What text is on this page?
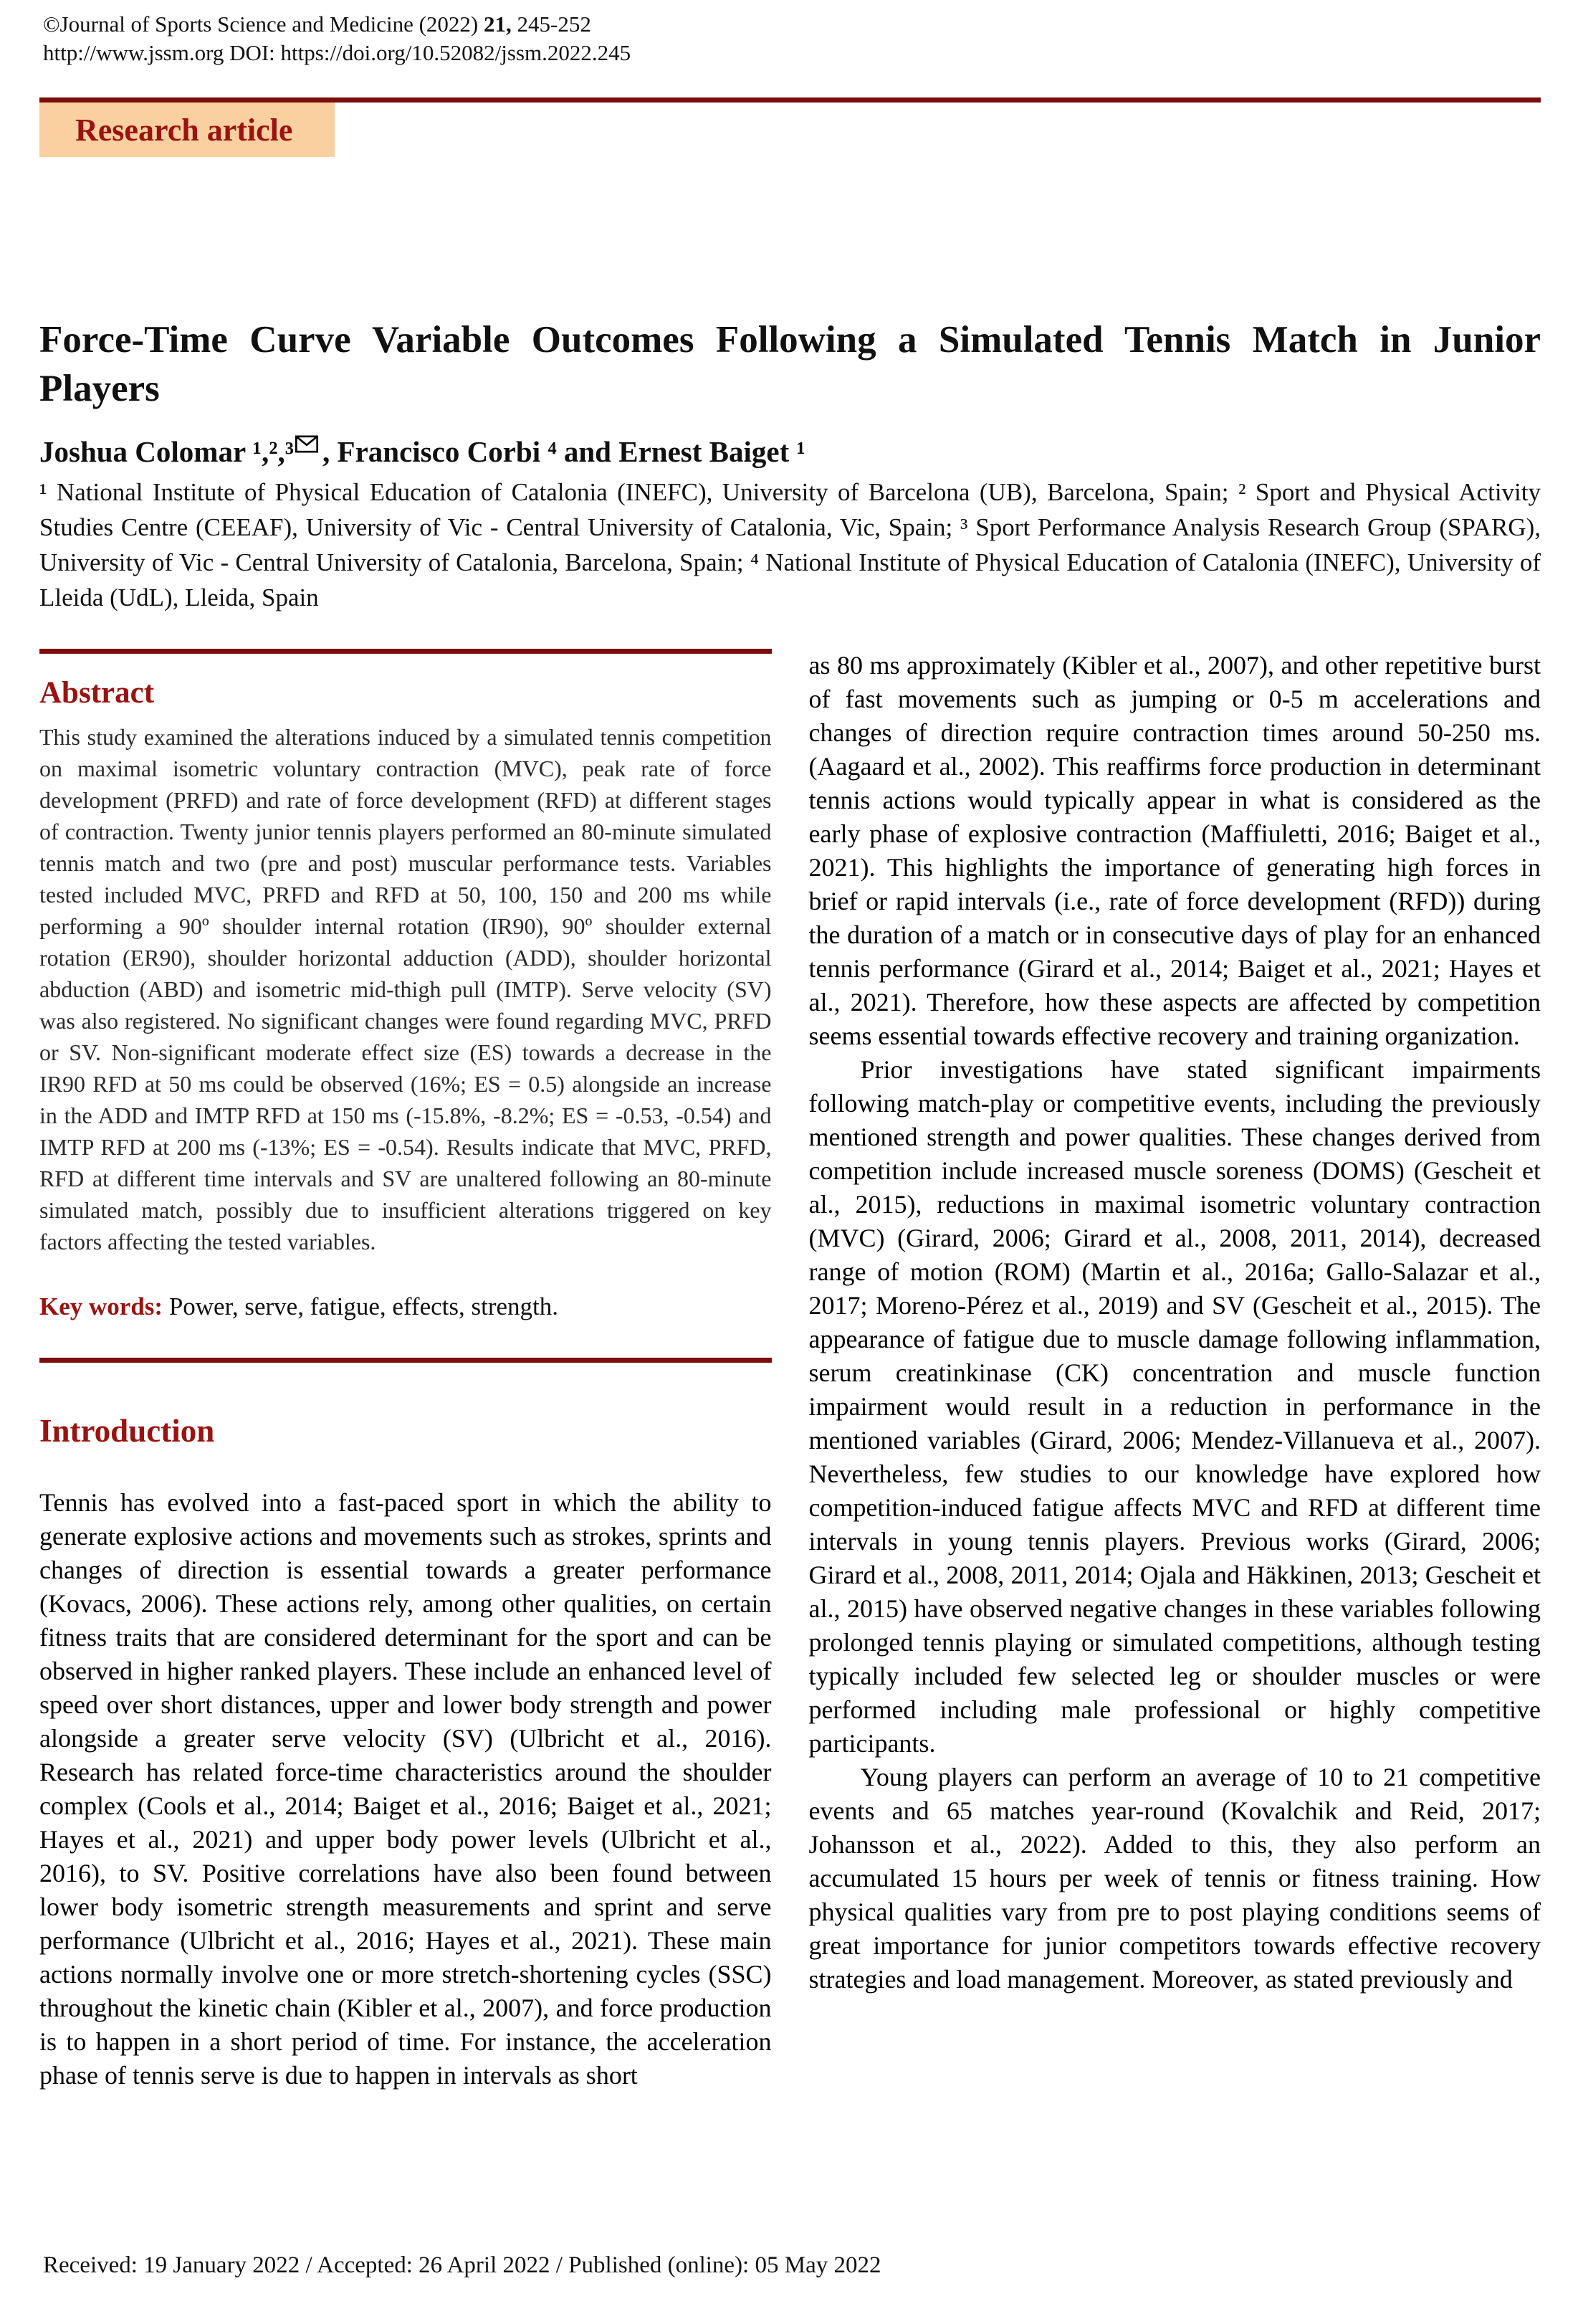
©Journal of Sports Science and Medicine (2022) 21, 245-252
http://www.jssm.org DOI: https://doi.org/10.52082/jssm.2022.245
Research article
Force-Time Curve Variable Outcomes Following a Simulated Tennis Match in Junior Players
Joshua Colomar ¹,²,³ , Francisco Corbi ⁴ and Ernest Baiget ¹
¹ National Institute of Physical Education of Catalonia (INEFC), University of Barcelona (UB), Barcelona, Spain; ² Sport and Physical Activity Studies Centre (CEEAF), University of Vic - Central University of Catalonia, Vic, Spain; ³ Sport Performance Analysis Research Group (SPARG), University of Vic - Central University of Catalonia, Barcelona, Spain; ⁴ National Institute of Physical Education of Catalonia (INEFC), University of Lleida (UdL), Lleida, Spain
Abstract
This study examined the alterations induced by a simulated tennis competition on maximal isometric voluntary contraction (MVC), peak rate of force development (PRFD) and rate of force development (RFD) at different stages of contraction. Twenty junior tennis players performed an 80-minute simulated tennis match and two (pre and post) muscular performance tests. Variables tested included MVC, PRFD and RFD at 50, 100, 150 and 200 ms while performing a 90º shoulder internal rotation (IR90), 90º shoulder external rotation (ER90), shoulder horizontal adduction (ADD), shoulder horizontal abduction (ABD) and isometric mid-thigh pull (IMTP). Serve velocity (SV) was also registered. No significant changes were found regarding MVC, PRFD or SV. Non-significant moderate effect size (ES) towards a decrease in the IR90 RFD at 50 ms could be observed (16%; ES = 0.5) alongside an increase in the ADD and IMTP RFD at 150 ms (-15.8%, -8.2%; ES = -0.53, -0.54) and IMTP RFD at 200 ms (-13%; ES = -0.54). Results indicate that MVC, PRFD, RFD at different time intervals and SV are unaltered following an 80-minute simulated match, possibly due to insufficient alterations triggered on key factors affecting the tested variables.
Key words: Power, serve, fatigue, effects, strength.
Introduction

Tennis has evolved into a fast-paced sport in which the ability to generate explosive actions and movements such as strokes, sprints and changes of direction is essential towards a greater performance (Kovacs, 2006). These actions rely, among other qualities, on certain fitness traits that are considered determinant for the sport and can be observed in higher ranked players. These include an enhanced level of speed over short distances, upper and lower body strength and power alongside a greater serve velocity (SV) (Ulbricht et al., 2016). Research has related force-time characteristics around the shoulder complex (Cools et al., 2014; Baiget et al., 2016; Baiget et al., 2021; Hayes et al., 2021) and upper body power levels (Ulbricht et al., 2016), to SV. Positive correlations have also been found between lower body isometric strength measurements and sprint and serve performance (Ulbricht et al., 2016; Hayes et al., 2021). These main actions normally involve one or more stretch-shortening cycles (SSC) throughout the kinetic chain (Kibler et al., 2007), and force production is to happen in a short period of time. For instance, the acceleration phase of tennis serve is due to happen in intervals as short

as 80 ms approximately (Kibler et al., 2007), and other repetitive burst of fast movements such as jumping or 0-5 m accelerations and changes of direction require contraction times around 50-250 ms. (Aagaard et al., 2002). This reaffirms force production in determinant tennis actions would typically appear in what is considered as the early phase of explosive contraction (Maffiuletti, 2016; Baiget et al., 2021). This highlights the importance of generating high forces in brief or rapid intervals (i.e., rate of force development (RFD)) during the duration of a match or in consecutive days of play for an enhanced tennis performance (Girard et al., 2014; Baiget et al., 2021; Hayes et al., 2021). Therefore, how these aspects are affected by competition seems essential towards effective recovery and training organization.

Prior investigations have stated significant impairments following match-play or competitive events, including the previously mentioned strength and power qualities. These changes derived from competition include increased muscle soreness (DOMS) (Gescheit et al., 2015), reductions in maximal isometric voluntary contraction (MVC) (Girard, 2006; Girard et al., 2008, 2011, 2014), decreased range of motion (ROM) (Martin et al., 2016a; Gallo-Salazar et al., 2017; Moreno-Pérez et al., 2019) and SV (Gescheit et al., 2015). The appearance of fatigue due to muscle damage following inflammation, serum creatinkinase (CK) concentration and muscle function impairment would result in a reduction in performance in the mentioned variables (Girard, 2006; Mendez-Villanueva et al., 2007). Nevertheless, few studies to our knowledge have explored how competition-induced fatigue affects MVC and RFD at different time intervals in young tennis players. Previous works (Girard, 2006; Girard et al., 2008, 2011, 2014; Ojala and Häkkinen, 2013; Gescheit et al., 2015) have observed negative changes in these variables following prolonged tennis playing or simulated competitions, although testing typically included few selected leg or shoulder muscles or were performed including male professional or highly competitive participants.

Young players can perform an average of 10 to 21 competitive events and 65 matches year-round (Kovalchik and Reid, 2017; Johansson et al., 2022). Added to this, they also perform an accumulated 15 hours per week of tennis or fitness training. How physical qualities vary from pre to post playing conditions seems of great importance for junior competitors towards effective recovery strategies and load management. Moreover, as stated previously and

Received: 19 January 2022 / Accepted: 26 April 2022 / Published (online): 05 May 2022
